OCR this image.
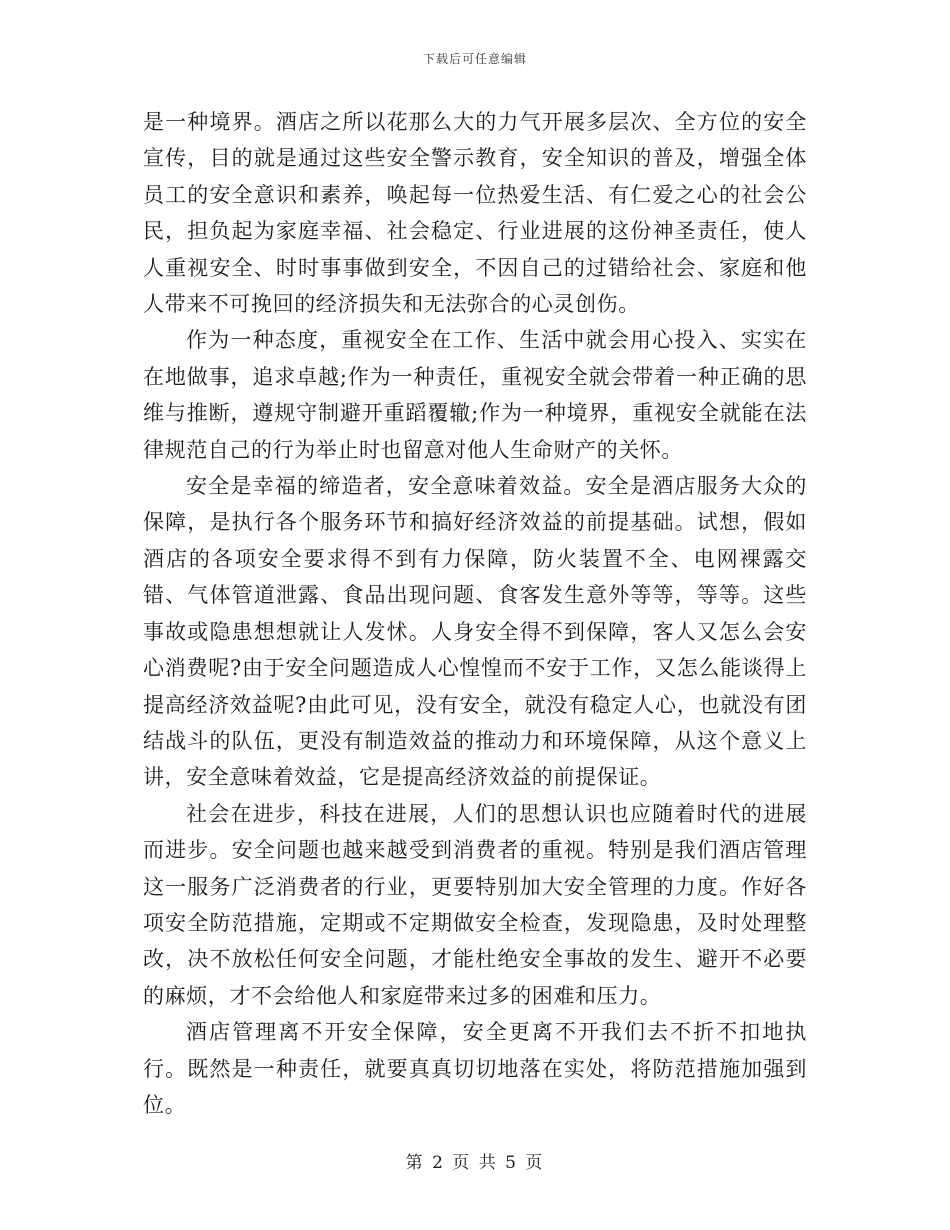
下载后可任意编辑

是一种境界。酒店之所以花那么大的力气开展多层次、全方位的安全宣传，目的就是通过这些安全警示教育，安全知识的普及，增强全体员工的安全意识和素养，唤起每一位热爱生活、有仁爱之心的社会公民，担负起为家庭幸福、社会稳定、行业进展的这份神圣责任，使人人重视安全、时时事事做到安全，不因自己的过错给社会、家庭和他人带来不可挽回的经济损失和无法弥合的心灵创伤。

作为一种态度，重视安全在工作、生活中就会用心投入、实实在在地做事，追求卓越;作为一种责任，重视安全就会带着一种正确的思维与推断，遵规守制避开重蹈覆辙;作为一种境界，重视安全就能在法律规范自己的行为举止时也留意对他人生命财产的关怀。

安全是幸福的缔造者，安全意味着效益。安全是酒店服务大众的保障，是执行各个服务环节和搞好经济效益的前提基础。试想，假如酒店的各项安全要求得不到有力保障，防火装置不全、电网裸露交错、气体管道泄露、食品出现问题、食客发生意外等等，等等。这些事故或隐患想想就让人发怵。人身安全得不到保障，客人又怎么会安心消费呢?由于安全问题造成人心惶惶而不安于工作，又怎么能谈得上提高经济效益呢?由此可见，没有安全，就没有稳定人心，也就没有团结战斗的队伍，更没有制造效益的推动力和环境保障，从这个意义上讲，安全意味着效益，它是提高经济效益的前提保证。

社会在进步，科技在进展，人们的思想认识也应随着时代的进展而进步。安全问题也越来越受到消费者的重视。特别是我们酒店管理这一服务广泛消费者的行业，更要特别加大安全管理的力度。作好各项安全防范措施，定期或不定期做安全检查，发现隐患，及时处理整改，决不放松任何安全问题，才能杜绝安全事故的发生、避开不必要的麻烦，才不会给他人和家庭带来过多的困难和压力。

酒店管理离不开安全保障，安全更离不开我们去不折不扣地执行。既然是一种责任，就要真真切切地落在实处，将防范措施加强到位。

第 2 页 共 5 页
